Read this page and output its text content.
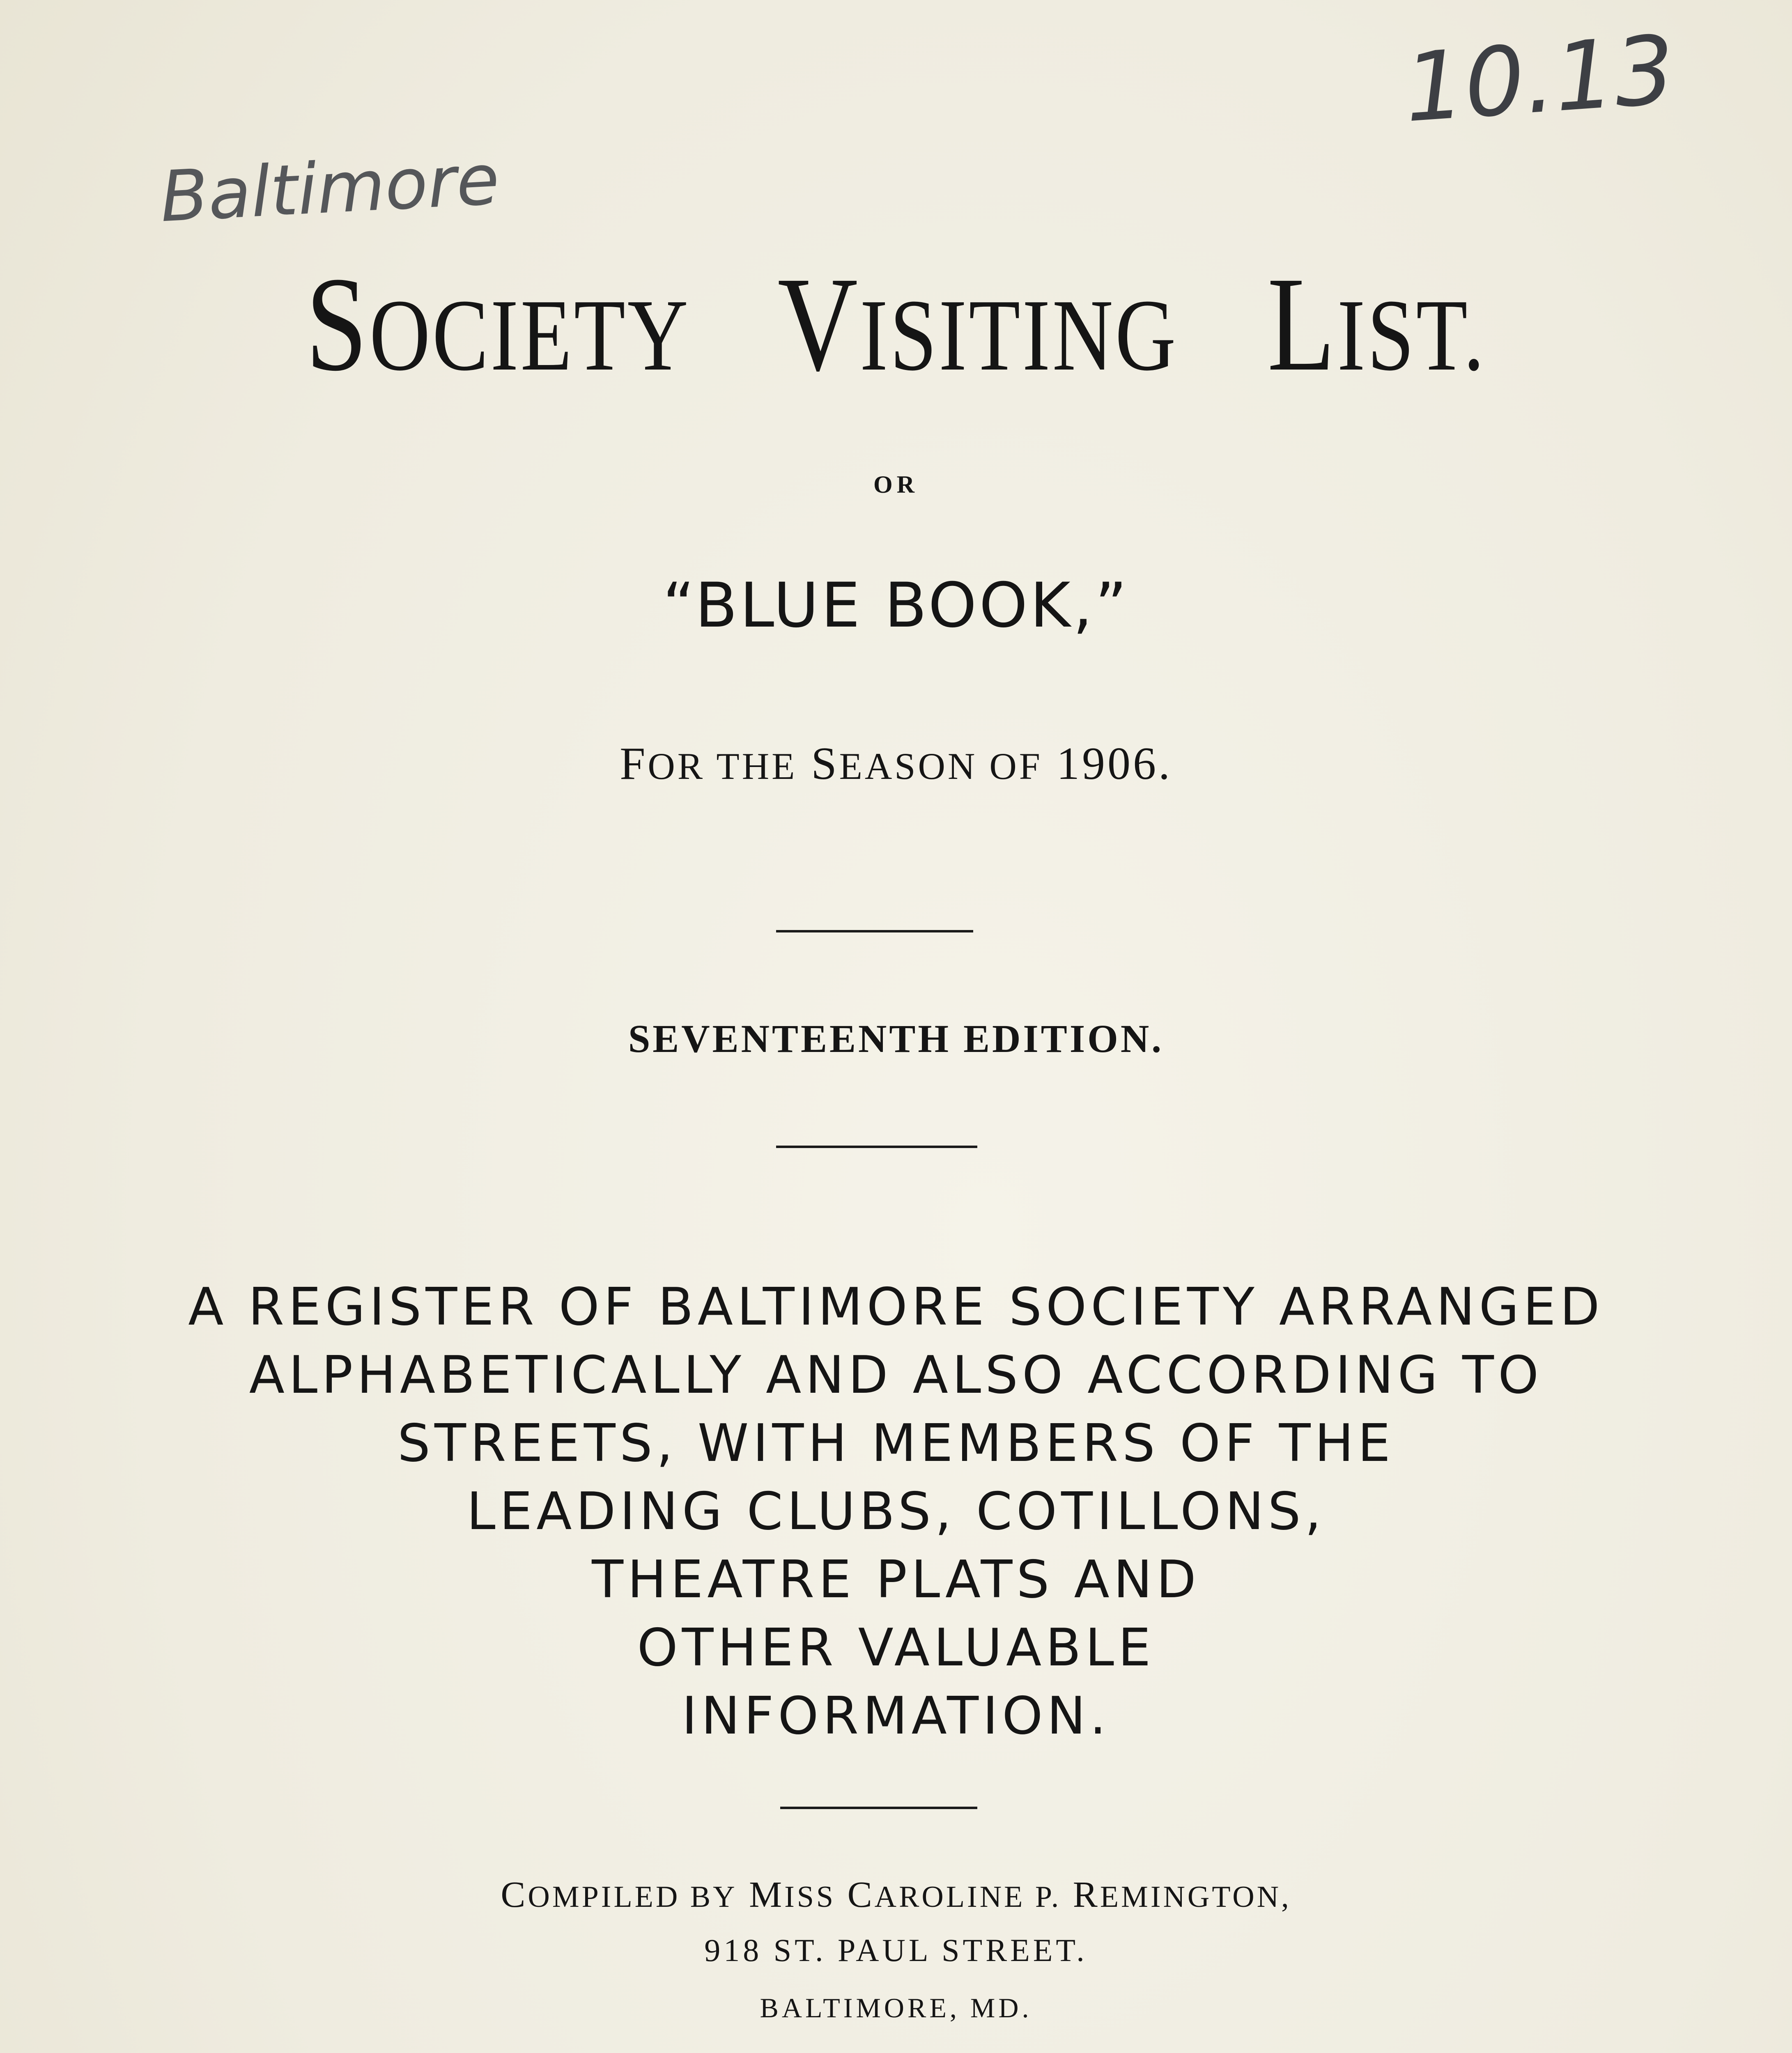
10.13
Baltimore
SOCIETY VISITING LIST.
OR
“BLUE BOOK,”
FOR THE SEASON OF 1906.
SEVENTEENTH EDITION.
A REGISTER OF BALTIMORE SOCIETY ARRANGED
ALPHABETICALLY AND ALSO ACCORDING TO
STREETS, WITH MEMBERS OF THE
LEADING CLUBS, COTILLONS,
THEATRE PLATS AND
OTHER VALUABLE
INFORMATION.
COMPILED BY MISS CAROLINE P. REMINGTON,
918 ST. PAUL STREET.
BALTIMORE, MD.
